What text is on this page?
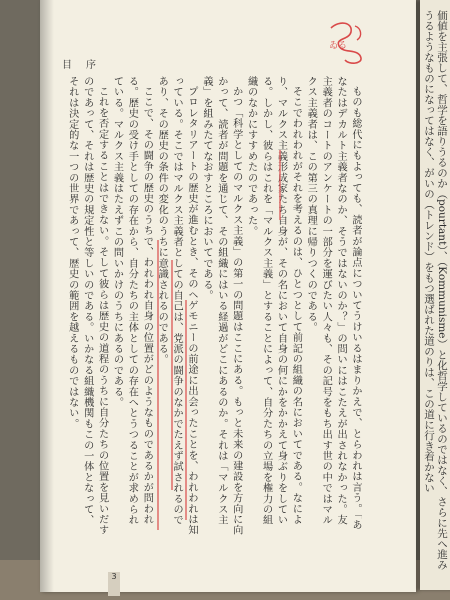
目　序
ゐる

ものも総代にもよっても、読者が論点についてうけいるはまりかえで、とらわれは言う。「あなたはデカルト主義者なのか、そうではないのか？」の問いにはこたえが出されなかった。友主義者のコートのアンケートの一部分を運びたい人々も、その記号をもち出す世の中ではマルクス主義者は、この第三の真理に帰りつくのである。

そこでわれわれがそれを考えるのは、ひとつとして前記の組織の名においてである。なにより、マルクス主義形成家たち自身が、その名において自身の何にかをかかえて身ぶりをしている。しかし、彼らはこれを「マルクス主義」とすることによって、自分たちの立場を権力の組織のなかにすすめたのであった。

かつ「科学としてのマルクス主義」の第一の問題はここにある。もっと未来の建設を方向に向かって、読者が問題を通じて、その組織にはいる経過がどこにあるのか。それは「マルクス主義」を組みたてなおすところにおいてである。

プロレタリアートの歴史が進むとき、そのヘゲモニーの前途に出会ったことを、われわれは知っている。そこではマルクス主義者としての自己は、党派の闘争のなかでたえず試されるのであり、その歴史の条件の変化のうちに意識されるのである。

ここで、その闘争の歴史のうちで、われわれ自身の位置がどのようなものであるかが問われる。歴史の受け手としての存在から、自分たちの主体としての存在へとうつることが求められている。マルクス主義はたえずこの問いかけのうちにあるのである。

これを否定することはできない。そして彼らは歴史の道程のうちに自分たちの位置を見いだすのであって、それは歴史の規定性と等しいのである。いかなる組織機関もこの一体となって、それは決定的な一つの世界であって、歴史の範囲を越えるものではない。	価値を主張して、哲学を語りうるのか（pourtant）、（Kommunisme）と化哲学しているのではなく、さらに先へ進みうるようなものになってはなく、がいの（トレンド）をもつ選ばれた道のりは、この道に行き着かない
3
